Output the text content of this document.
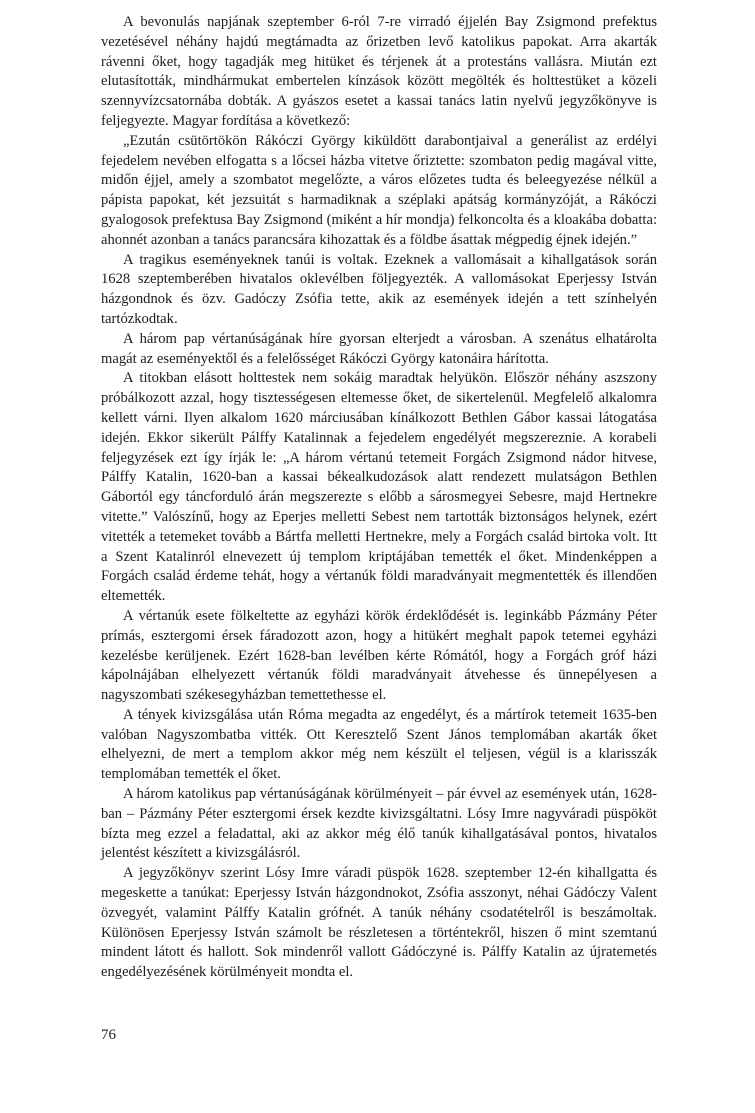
A bevonulás napjának szeptember 6-ról 7-re virradó éjjelén Bay Zsigmond prefektus vezetésével néhány hajdú megtámadta az őrizetben levő katolikus papokat. Arra akarták rávenni őket, hogy tagadják meg hitüket és térjenek át a protestáns vallásra. Miután ezt elutasították, mindhármukat embertelen kínzások között megölték és holttestüket a közeli szennyvízcsatornába dobták. A gyászos esetet a kassai tanács latin nyelvű jegyzőkönyve is feljegyezte. Magyar fordítása a következő:

„Ezután csütörtökön Rákóczi György kiküldött darabontjaival a generálist az erdélyi fejedelem nevében elfogatta s a lőcsei házba vitetve őriztette: szombaton pedig magával vitte, midőn éjjel, amely a szombatot megelőzte, a város előzetes tudta és beleegyezése nélkül a pápista papokat, két jezsuitát s harmadiknak a széplaki apátság kormányzóját, a Rákóczi gyalogosok prefektusa Bay Zsigmond (miként a hír mondja) felkoncolta és a kloakába dobatta: ahonnét azonban a tanács parancsára kihozattak és a földbe ásattak mégpedig éjnek idején.”

A tragikus eseményeknek tanúi is voltak. Ezeknek a vallomásait a kihallgatások során 1628 szeptemberében hivatalos oklevélben följegyezték. A vallomásokat Eperjessy István házgondnok és özv. Gadóczy Zsófia tette, akik az események idején a tett színhelyén tartózkodtak.

A három pap vértanúságának híre gyorsan elterjedt a városban. A szenátus elhatárolta magát az eseményektől és a felelősséget Rákóczi György katonáira hárította.

A titokban elásott holttestek nem sokáig maradtak helyükön. Először néhány aszszony próbálkozott azzal, hogy tisztességesen eltemesse őket, de sikertelenül. Megfelelő alkalomra kellett várni. Ilyen alkalom 1620 márciusában kínálkozott Bethlen Gábor kassai látogatása idején. Ekkor sikerült Pálffy Katalinnak a fejedelem engedélyét megszereznie. A korabeli feljegyzések ezt így írják le: „A három vértanú tetemeit Forgách Zsigmond nádor hitvese, Pálffy Katalin, 1620-ban a kassai békealkudozások alatt rendezett mulatságon Bethlen Gábortól egy táncforduló árán megszerezte s előbb a sárosmegyei Sebesre, majd Hertnekre vitette.” Valószínű, hogy az Eperjes melletti Sebest nem tartották biztonságos helynek, ezért vitették a tetemeket tovább a Bártfa melletti Hertnekre, mely a Forgách család birtoka volt. Itt a Szent Katalinról elnevezett új templom kriptájában temették el őket. Mindenképpen a Forgách család érdeme tehát, hogy a vértanúk földi maradványait megmentették és illendően eltemették.

A vértanúk esete fölkeltette az egyházi körök érdeklődését is. leginkább Pázmány Péter prímás, esztergomi érsek fáradozott azon, hogy a hitükért meghalt papok tetemei egyházi kezelésbe kerüljenek. Ezért 1628-ban levélben kérte Rómától, hogy a Forgách gróf házi kápolnájában elhelyezett vértanúk földi maradványait átvehesse és ünnepélyesen a nagyszombati székesegyházban temettethesse el.

A tények kivizsgálása után Róma megadta az engedélyt, és a mártírok tetemeit 1635-ben valóban Nagyszombatba vitték. Ott Keresztelő Szent János templomában akarták őket elhelyezni, de mert a templom akkor még nem készült el teljesen, végül is a klarisszák templomában temették el őket.

A három katolikus pap vértanúságának körülményeit – pár évvel az események után, 1628-ban – Pázmány Péter esztergomi érsek kezdte kivizsgáltatni. Lósy Imre nagyváradi püspököt bízta meg ezzel a feladattal, aki az akkor még élő tanúk kihallgatásával pontos, hivatalos jelentést készített a kivizsgálásról.

A jegyzőkönyv szerint Lósy Imre váradi püspök 1628. szeptember 12-én kihallgatta és megeskette a tanúkat: Eperjessy István házgondnokot, Zsófia asszonyt, néhai Gádóczy Valent özvegyét, valamint Pálffy Katalin grófnét. A tanúk néhány csodatételről is beszámoltak. Különösen Eperjessy István számolt be részletesen a történtekről, hiszen ő mint szemtanú mindent látott és hallott. Sok mindenről vallott Gádóczyné is. Pálffy Katalin az újratemetés engedélyezésének körülményeit mondta el.

76
